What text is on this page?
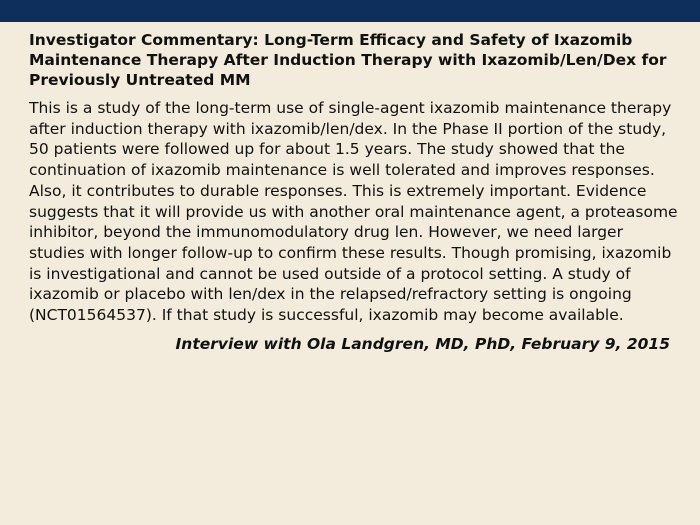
Investigator Commentary: Long-Term Efficacy and Safety of Ixazomib Maintenance Therapy After Induction Therapy with Ixazomib/Len/Dex for Previously Untreated MM

This is a study of the long-term use of single-agent ixazomib maintenance therapy after induction therapy with ixazomib/len/dex. In the Phase II portion of the study, 50 patients were followed up for about 1.5 years. The study showed that the continuation of ixazomib maintenance is well tolerated and improves responses. Also, it contributes to durable responses. This is extremely important. Evidence suggests that it will provide us with another oral maintenance agent, a proteasome inhibitor, beyond the immunomodulatory drug len. However, we need larger studies with longer follow-up to confirm these results. Though promising, ixazomib is investigational and cannot be used outside of a protocol setting. A study of ixazomib or placebo with len/dex in the relapsed/refractory setting is ongoing (NCT01564537). If that study is successful, ixazomib may become available.

Interview with Ola Landgren, MD, PhD, February 9, 2015
